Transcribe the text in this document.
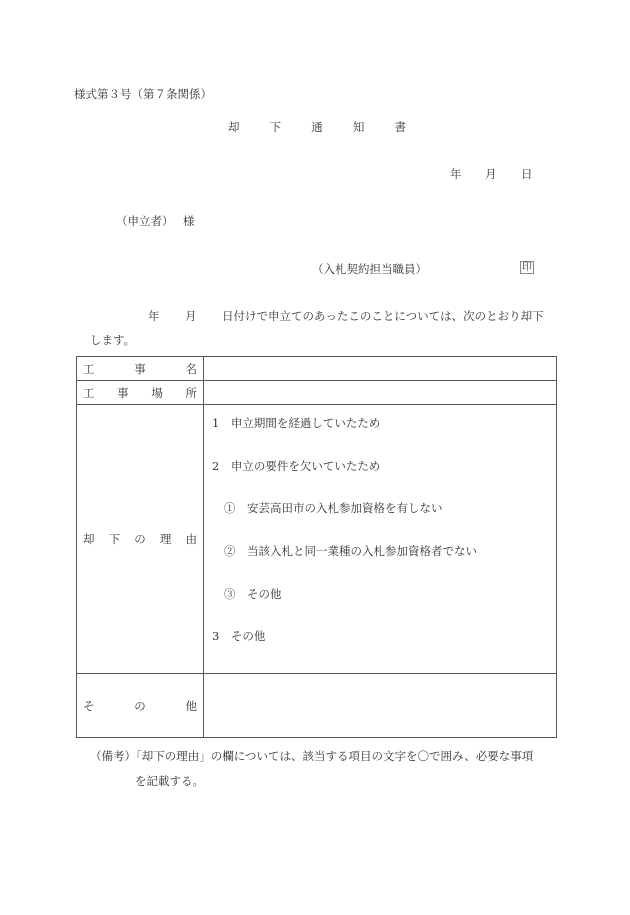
様式第３号（第７条関係）
却	下	通	知	書
年 月 日
（申立者） 様
（入札契約担当職員）	印
年 月 日付けで申立てのあったこのことについては、次のとおり却下
します。
工 事 名	

工 事 場 所	

却 下 の 理 由

1　申立期間を経過していたため
2　申立の要件を欠いていたため
①　安芸高田市の入札参加資格を有しない
②　当該入札と同一業種の入札参加資格者でない
③　その他
3　その他

そ の 他	

（備考）「却下の理由」の欄については、該当する項目の文字を〇で囲み、必要な事項
を記載する。
